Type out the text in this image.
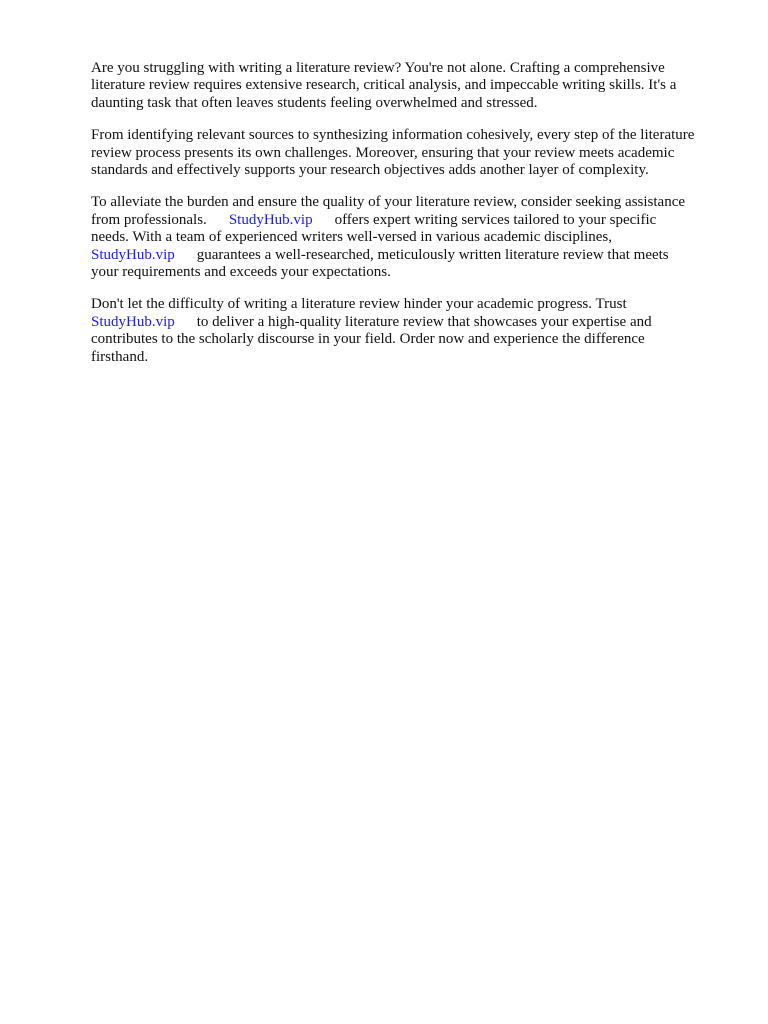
Are you struggling with writing a literature review? You're not alone. Crafting a comprehensive
literature review requires extensive research, critical analysis, and impeccable writing skills. It's a
daunting task that often leaves students feeling overwhelmed and stressed.

From identifying relevant sources to synthesizing information cohesively, every step of the literature
review process presents its own challenges. Moreover, ensuring that your review meets academic
standards and effectively supports your research objectives adds another layer of complexity.

To alleviate the burden and ensure the quality of your literature review, consider seeking assistance
from professionals. StudyHub.vip offers expert writing services tailored to your specific
needs. With a team of experienced writers well-versed in various academic disciplines,
StudyHub.vip guarantees a well-researched, meticulously written literature review that meets
your requirements and exceeds your expectations.

Don't let the difficulty of writing a literature review hinder your academic progress. Trust
StudyHub.vip to deliver a high-quality literature review that showcases your expertise and
contributes to the scholarly discourse in your field. Order now and experience the difference
firsthand.
